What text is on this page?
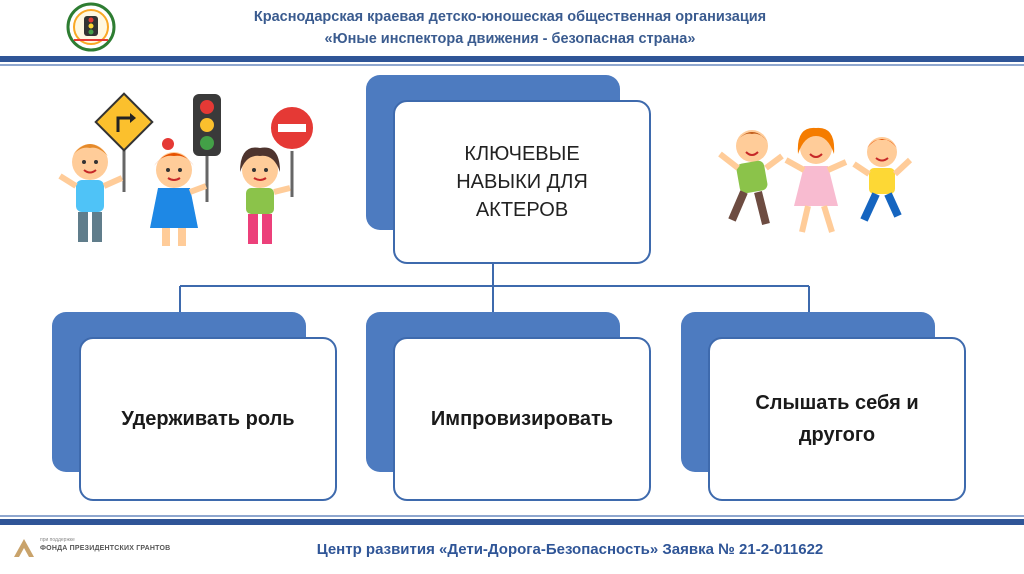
Краснодарская краевая детско-юношеская общественная организация
«Юные инспектора движения - безопасная страна»
КЛЮЧЕВЫЕ
НАВЫКИ ДЛЯ
АКТЕРОВ
Удерживать роль	Импровизировать
Слышать себя и
другого
при поддержке
ФОНДА ПРЕЗИДЕНТСКИХ ГРАНТОВ	Центр развития «Дети-Дорога-Безопасность» Заявка № 21-2-011622
